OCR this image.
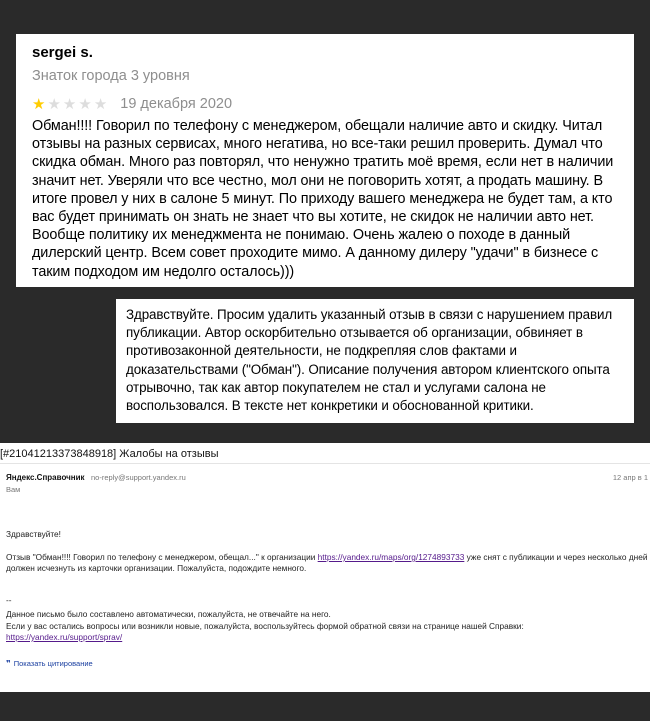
sergei s.
Знаток города 3 уровня
★ ★ ★ ★ ★ 19 декабря 2020
Обман!!!! Говорил по телефону с менеджером, обещали наличие авто и скидку. Читал отзывы на разных сервисах, много негатива, но все-таки решил проверить. Думал что скидка обман. Много раз повторял, что ненужно тратить моё время, если нет в наличии значит нет. Уверяли что все честно, мол они не поговорить хотят, а продать машину. В итоге провел у них в салоне 5 минут. По приходу вашего менеджера не будет там, а кто вас будет принимать он знать не знает что вы хотите, не скидок не наличии авто нет. Вообще политику их менеджмента не понимаю. Очень жалею о походе в данный дилерский центр. Всем совет проходите мимо. А данному дилеру "удачи" в бизнесе с таким подходом им недолго осталось)))
Здравствуйте. Просим удалить указанный отзыв в связи с нарушением правил публикации. Автор оскорбительно отзывается об организации, обвиняет в противозаконной деятельности, не подкрепляя слов фактами и доказательствами ("Обман"). Описание получения автором клиентского опыта отрывочно, так как автор покупателем не стал и услугами салона не воспользовался. В тексте нет конкретики и обоснованной критики.
[#21041213373848918] Жалобы на отзывы
Яндекс.Справочник no-reply@support.yandex.ru	12 апр в 1
Вам
Здравствуйте!
Отзыв "Обман!!!! Говорил по телефону с менеджером, обещал..." к организации https://yandex.ru/maps/org/1274893733 уже снят с публикации и через несколько дней должен исчезнуть из карточки организации. Пожалуйста, подождите немного.
--
Данное письмо было составлено автоматически, пожалуйста, не отвечайте на него.
Если у вас остались вопросы или возникли новые, пожалуйста, воспользуйтесь формой обратной связи на странице нашей Справки:
https://yandex.ru/support/sprav/
❞ Показать цитирование
